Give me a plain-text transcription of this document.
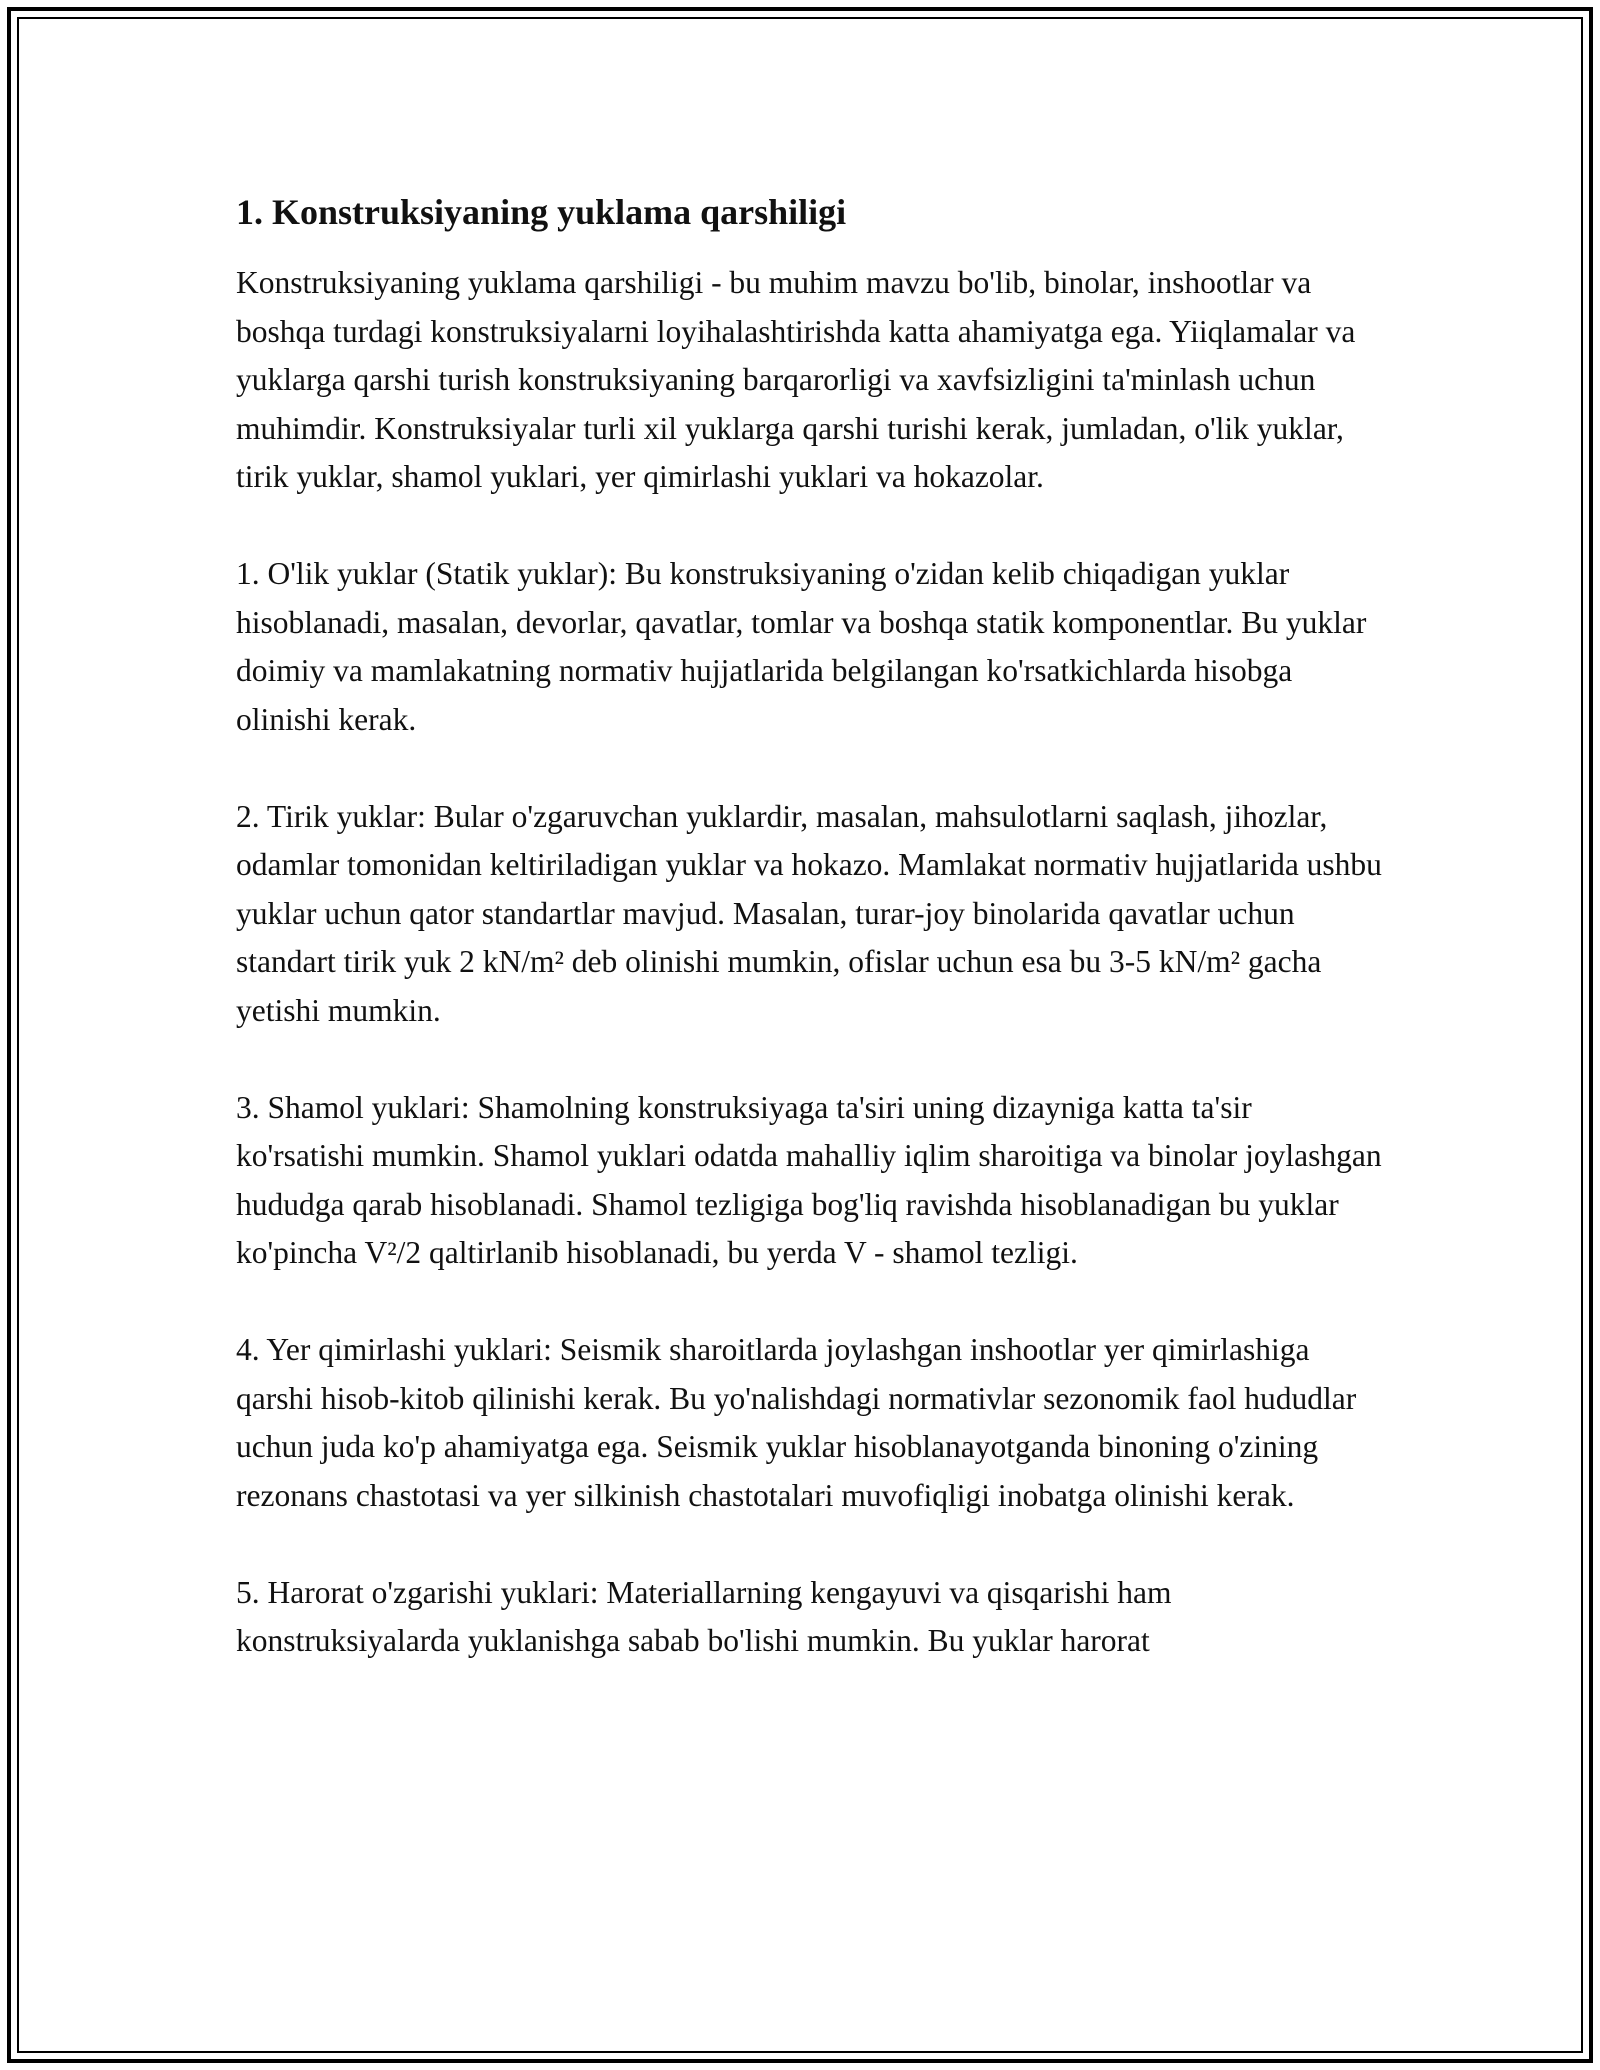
1. Konstruksiyaning yuklama qarshiligi

Konstruksiyaning yuklama qarshiligi - bu muhim mavzu bo'lib, binolar, inshootlar va boshqa turdagi konstruksiyalarni loyihalashtirishda katta ahamiyatga ega. Yiiqlamalar va yuklarga qarshi turish konstruksiyaning barqarorligi va xavfsizligini ta'minlash uchun muhimdir. Konstruksiyalar turli xil yuklarga qarshi turishi kerak, jumladan, o'lik yuklar, tirik yuklar, shamol yuklari, yer qimirlashi yuklari va hokazolar.

1. O'lik yuklar (Statik yuklar): Bu konstruksiyaning o'zidan kelib chiqadigan yuklar hisoblanadi, masalan, devorlar, qavatlar, tomlar va boshqa statik komponentlar. Bu yuklar doimiy va mamlakatning normativ hujjatlarida belgilangan ko'rsatkichlarda hisobga olinishi kerak.

2. Tirik yuklar: Bular o'zgaruvchan yuklardir, masalan, mahsulotlarni saqlash, jihozlar, odamlar tomonidan keltiriladigan yuklar va hokazo. Mamlakat normativ hujjatlarida ushbu yuklar uchun qator standartlar mavjud. Masalan, turar-joy binolarida qavatlar uchun standart tirik yuk 2 kN/m² deb olinishi mumkin, ofislar uchun esa bu 3-5 kN/m² gacha yetishi mumkin.

3. Shamol yuklari: Shamolning konstruksiyaga ta'siri uning dizayniga katta ta'sir ko'rsatishi mumkin. Shamol yuklari odatda mahalliy iqlim sharoitiga va binolar joylashgan hududga qarab hisoblanadi. Shamol tezligiga bog'liq ravishda hisoblanadigan bu yuklar ko'pincha V²/2 qaltirlanib hisoblanadi, bu yerda V - shamol tezligi.

4. Yer qimirlashi yuklari: Seismik sharoitlarda joylashgan inshootlar yer qimirlashiga qarshi hisob-kitob qilinishi kerak. Bu yo'nalishdagi normativlar sezonomik faol hududlar uchun juda ko'p ahamiyatga ega. Seismik yuklar hisoblanayotganda binoning o'zining rezonans chastotasi va yer silkinish chastotalari muvofiqligi inobatga olinishi kerak.

5. Harorat o'zgarishi yuklari: Materiallarning kengayuvi va qisqarishi ham konstruksiyalarda yuklanishga sabab bo'lishi mumkin. Bu yuklar harorat
